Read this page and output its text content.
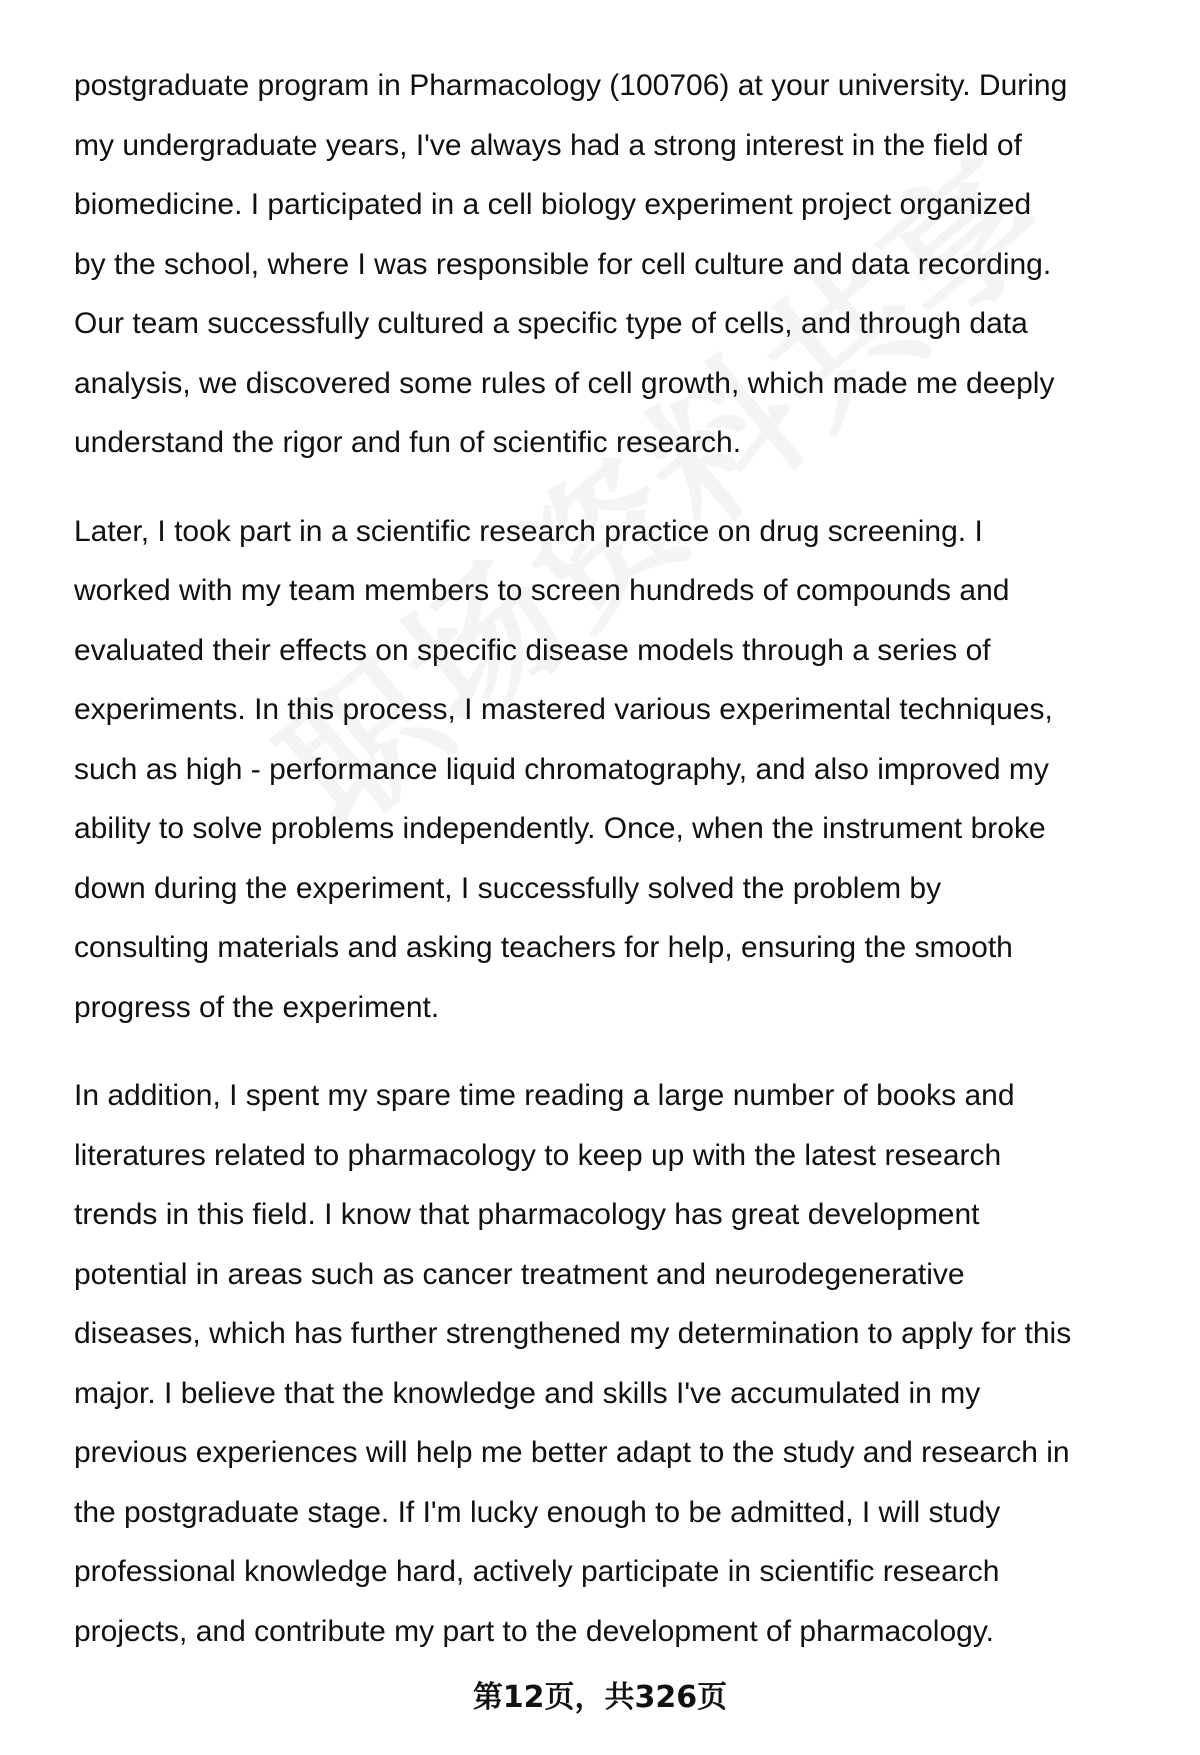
postgraduate program in Pharmacology (100706) at your university. During
my undergraduate years, I've always had a strong interest in the field of
biomedicine. I participated in a cell biology experiment project organized
by the school, where I was responsible for cell culture and data recording.
Our team successfully cultured a specific type of cells, and through data
analysis, we discovered some rules of cell growth, which made me deeply
understand the rigor and fun of scientific research.

Later, I took part in a scientific research practice on drug screening. I
worked with my team members to screen hundreds of compounds and
evaluated their effects on specific disease models through a series of
experiments. In this process, I mastered various experimental techniques,
such as high - performance liquid chromatography, and also improved my
ability to solve problems independently. Once, when the instrument broke
down during the experiment, I successfully solved the problem by
consulting materials and asking teachers for help, ensuring the smooth
progress of the experiment.

In addition, I spent my spare time reading a large number of books and
literatures related to pharmacology to keep up with the latest research
trends in this field. I know that pharmacology has great development
potential in areas such as cancer treatment and neurodegenerative
diseases, which has further strengthened my determination to apply for this
major. I believe that the knowledge and skills I've accumulated in my
previous experiences will help me better adapt to the study and research in
the postgraduate stage. If I'm lucky enough to be admitted, I will study
professional knowledge hard, actively participate in scientific research
projects, and contribute my part to the development of pharmacology.

第12页，共326页
